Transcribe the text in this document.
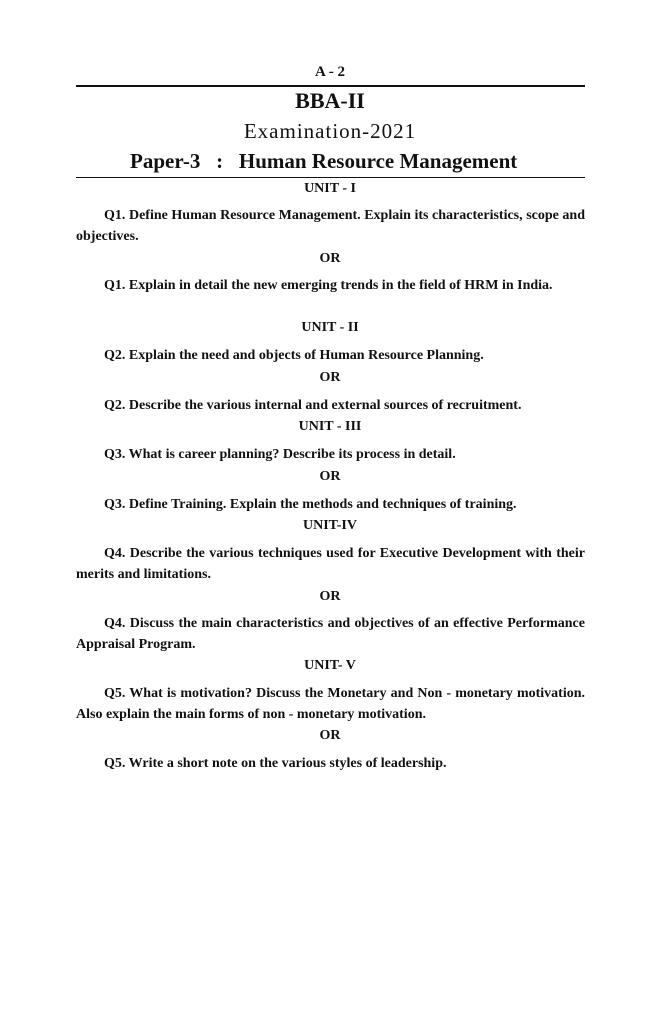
A - 2
BBA-II
Examination-2021
Paper-3   :   Human Resource Management
UNIT - I
Q1. Define Human Resource Management. Explain its characteristics, scope and objectives.
OR
Q1. Explain in detail the new emerging trends in the field of HRM in India.
UNIT - II
Q2. Explain the need and objects of Human Resource Planning.
OR
Q2. Describe the various internal and external sources of recruitment.
UNIT - III
Q3. What is career planning? Describe its process in detail.
OR
Q3. Define Training. Explain the methods and techniques of training.
UNIT-IV
Q4. Describe the various techniques used for Executive Development with their merits and limitations.
OR
Q4. Discuss the main characteristics and objectives of an effective Performance Appraisal Program.
UNIT- V
Q5. What is motivation? Discuss the Monetary and Non - monetary motivation. Also explain the main forms of non - monetary motivation.
OR
Q5. Write a short note on the various styles of leadership.
